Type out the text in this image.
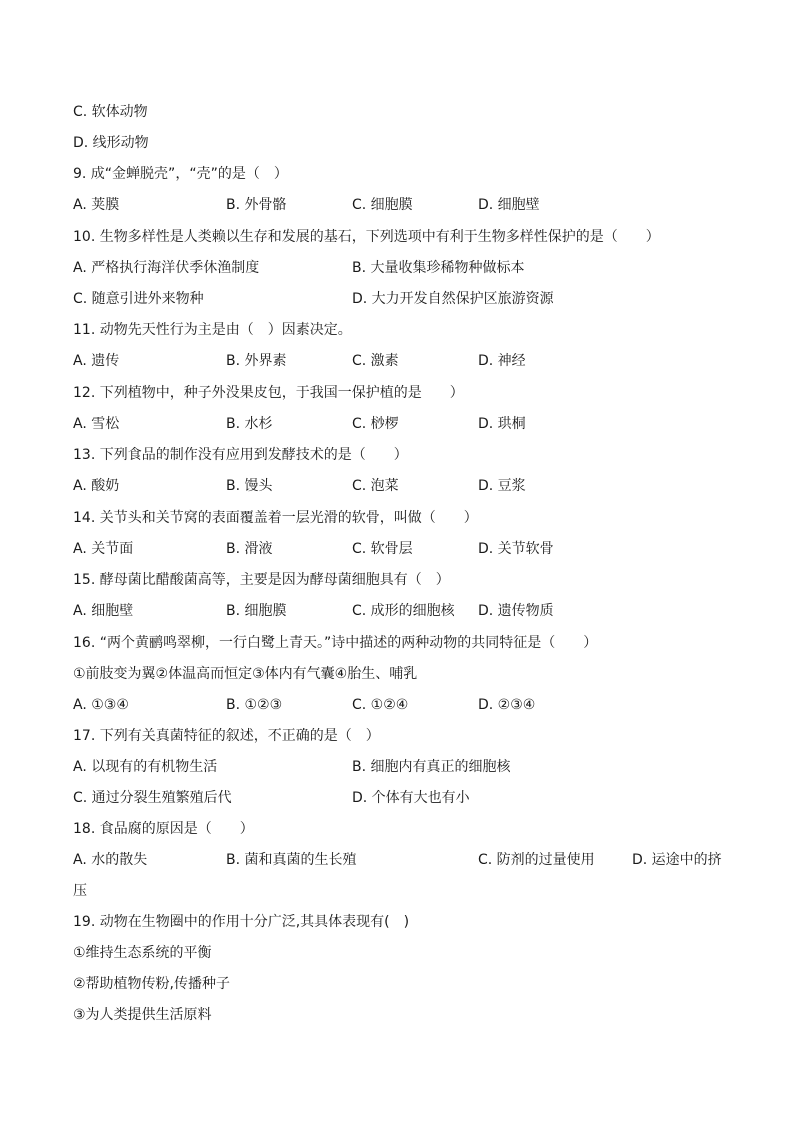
C. 软体动物
D. 线形动物
9. 成“金蝉脱壳”，“壳”的是（　）
A. 荚膜	B. 外骨骼	C. 细胞膜	D. 细胞壁
10. 生物多样性是人类赖以生存和发展的基石，下列选项中有利于生物多样性保护的是（　　）
A. 严格执行海洋伏季休渔制度	B. 大量收集珍稀物种做标本
C. 随意引进外来物种	D. 大力开发自然保护区旅游资源
11. 动物先天性行为主是由（　）因素决定。
A. 遗传	B. 外界素	C. 激素	D. 神经
12. 下列植物中，种子外没果皮包，于我国一保护植的是　　）
A. 雪松	B. 水杉	C. 桫椤	D. 珙桐
13. 下列食品的制作没有应用到发酵技术的是（　　）
A. 酸奶	B. 馒头	C. 泡菜	D. 豆浆
14. 关节头和关节窝的表面覆盖着一层光滑的软骨，叫做（　　）
A. 关节面	B. 滑液	C. 软骨层	D. 关节软骨
15. 酵母菌比醋酸菌高等，主要是因为酵母菌细胞具有（　）
A. 细胞壁	B. 细胞膜	C. 成形的细胞核 D. 遗传物质
16. “两个黄鹂鸣翠柳，一行白鹭上青天。”诗中描述的两种动物的共同特征是（　　）
①前肢变为翼②体温高而恒定③体内有气囊④胎生、哺乳
A. ①③④	B. ①②③	C. ①②④	D. ②③④
17. 下列有关真菌特征的叙述，不正确的是（　）
A. 以现有的有机物生活	B. 细胞内有真正的细胞核
C. 通过分裂生殖繁殖后代	D. 个体有大也有小
18. 食品腐的原因是（　　）
A. 水的散失	B. 菌和真菌的生长殖	C. 防剂的过量使用	D. 运途中的挤
压
19. 动物在生物圈中的作用十分广泛,其具体表现有(　)
①维持生态系统的平衡
②帮助植物传粉,传播种子
③为人类提供生活原料
